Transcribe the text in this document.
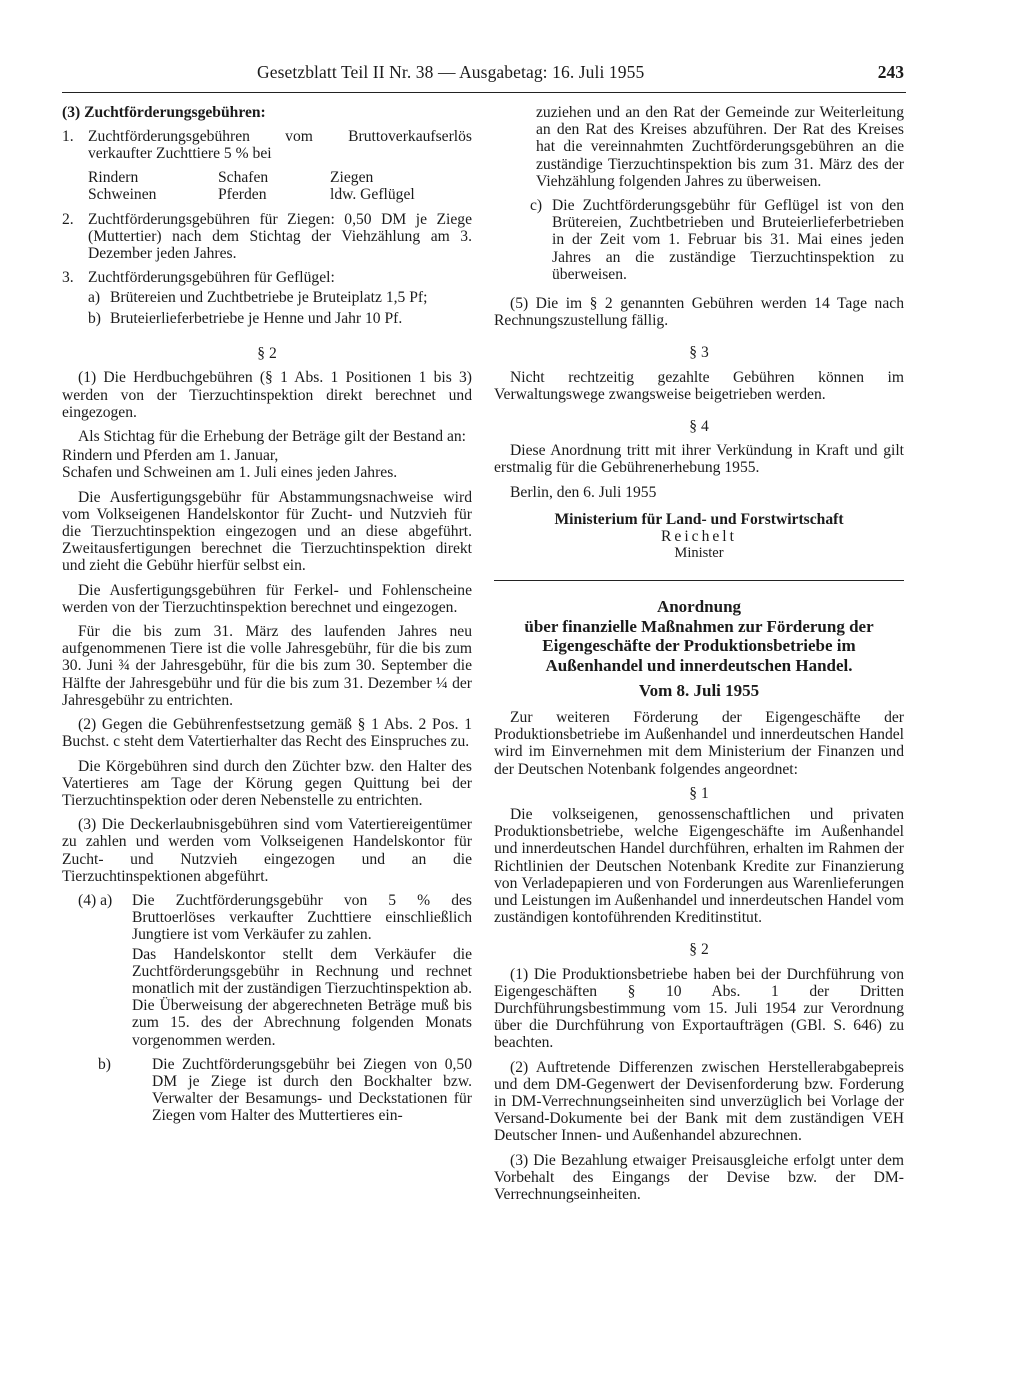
Gesetzblatt Teil II Nr. 38 — Ausgabetag: 16. Juli 1955	243

(3) Zuchtförderungsgebühren:

1. Zuchtförderungsgebühren vom Bruttoverkaufserlös verkaufter Zuchttiere 5 % bei
Rindern	Schafen	Ziegen
Schweinen	Pferden	ldw. Geflügel
2. Zuchtförderungsgebühren für Ziegen: 0,50 DM je Ziege (Muttertier) nach dem Stichtag der Viehzählung am 3. Dezember jeden Jahres.
3. Zuchtförderungsgebühren für Geflügel:
a) Brütereien und Zuchtbetriebe je Bruteiplatz 1,5 Pf;
b) Bruteierlieferbetriebe je Henne und Jahr 10 Pf.

§ 2

(1) Die Herdbuchgebühren (§ 1 Abs. 1 Positionen 1 bis 3) werden von der Tierzuchtinspektion direkt berechnet und eingezogen.

Als Stichtag für die Erhebung der Beträge gilt der Bestand an:

Rindern und Pferden am 1. Januar,

Schafen und Schweinen am 1. Juli eines jeden Jahres.

Die Ausfertigungsgebühr für Abstammungsnachweise wird vom Volkseigenen Handelskontor für Zucht- und Nutzvieh für die Tierzuchtinspektion eingezogen und an diese abgeführt. Zweitausfertigungen berechnet die Tierzuchtinspektion direkt und zieht die Gebühr hierfür selbst ein.

Die Ausfertigungsgebühren für Ferkel- und Fohlenscheine werden von der Tierzuchtinspektion berechnet und eingezogen.

Für die bis zum 31. März des laufenden Jahres neu aufgenommenen Tiere ist die volle Jahresgebühr, für die bis zum 30. Juni ¾ der Jahresgebühr, für die bis zum 30. September die Hälfte der Jahresgebühr und für die bis zum 31. Dezember ¼ der Jahresgebühr zu entrichten.

(2) Gegen die Gebührenfestsetzung gemäß § 1 Abs. 2 Pos. 1 Buchst. c steht dem Vatertierhalter das Recht des Einspruches zu.

Die Körgebühren sind durch den Züchter bzw. den Halter des Vatertieres am Tage der Körung gegen Quittung bei der Tierzuchtinspektion oder deren Nebenstelle zu entrichten.

(3) Die Deckerlaubnisgebühren sind vom Vatertiereigentümer zu zahlen und werden vom Volkseigenen Handelskontor für Zucht- und Nutzvieh eingezogen und an die Tierzuchtinspektionen abgeführt.

(4) a)	Die Zuchtförderungsgebühr von 5 % des Bruttoerlöses verkaufter Zuchttiere einschließlich Jungtiere ist vom Verkäufer zu zahlen.

Das Handelskontor stellt dem Verkäufer die Zuchtförderungsgebühr in Rechnung und rechnet monatlich mit der zuständigen Tierzuchtinspektion ab. Die Überweisung der abgerechneten Beträge muß bis zum 15. des der Abrechnung folgenden Monats vorgenommen werden.

b)	Die Zuchtförderungsgebühr bei Ziegen von 0,50 DM je Ziege ist durch den Bockhalter bzw. Verwalter der Besamungs- und Deckstationen für Ziegen vom Halter des Muttertieres ein-

zuziehen und an den Rat der Gemeinde zur Weiterleitung an den Rat des Kreises abzuführen. Der Rat des Kreises hat die vereinnahmten Zuchtförderungsgebühren an die zuständige Tierzuchtinspektion bis zum 31. März des der Viehzählung folgenden Jahres zu überweisen.

c) Die Zuchtförderungsgebühr für Geflügel ist von den Brütereien, Zuchtbetrieben und Bruteierlieferbetrieben in der Zeit vom 1. Februar bis 31. Mai eines jeden Jahres an die zuständige Tierzuchtinspektion zu überweisen.

(5) Die im § 2 genannten Gebühren werden 14 Tage nach Rechnungszustellung fällig.

§ 3

Nicht rechtzeitig gezahlte Gebühren können im Verwaltungswege zwangsweise beigetrieben werden.

§ 4

Diese Anordnung tritt mit ihrer Verkündung in Kraft und gilt erstmalig für die Gebührenerhebung 1955.

Berlin, den 6. Juli 1955

Ministerium für Land- und Forstwirtschaft

Reichelt

Minister

Anordnung

über finanzielle Maßnahmen zur Förderung der Eigengeschäfte der Produktionsbetriebe im Außenhandel und innerdeutschen Handel.

Vom 8. Juli 1955

Zur weiteren Förderung der Eigengeschäfte der Produktionsbetriebe im Außenhandel und innerdeutschen Handel wird im Einvernehmen mit dem Ministerium der Finanzen und der Deutschen Notenbank folgendes angeordnet:

§ 1

Die volkseigenen, genossenschaftlichen und privaten Produktionsbetriebe, welche Eigengeschäfte im Außenhandel und innerdeutschen Handel durchführen, erhalten im Rahmen der Richtlinien der Deutschen Notenbank Kredite zur Finanzierung von Verladepapieren und von Forderungen aus Warenlieferungen und Leistungen im Außenhandel und innerdeutschen Handel vom zuständigen kontoführenden Kreditinstitut.

§ 2

(1) Die Produktionsbetriebe haben bei der Durchführung von Eigengeschäften § 10 Abs. 1 der Dritten Durchführungsbestimmung vom 15. Juli 1954 zur Verordnung über die Durchführung von Exportaufträgen (GBl. S. 646) zu beachten.

(2) Auftretende Differenzen zwischen Herstellerabgabepreis und dem DM-Gegenwert der Devisenforderung bzw. Forderung in DM-Verrechnungseinheiten sind unverzüglich bei Vorlage der Versand-Dokumente bei der Bank mit dem zuständigen VEH Deutscher Innen- und Außenhandel abzurechnen.

(3) Die Bezahlung etwaiger Preisausgleiche erfolgt unter dem Vorbehalt des Eingangs der Devise bzw. der DM-Verrechnungseinheiten.
